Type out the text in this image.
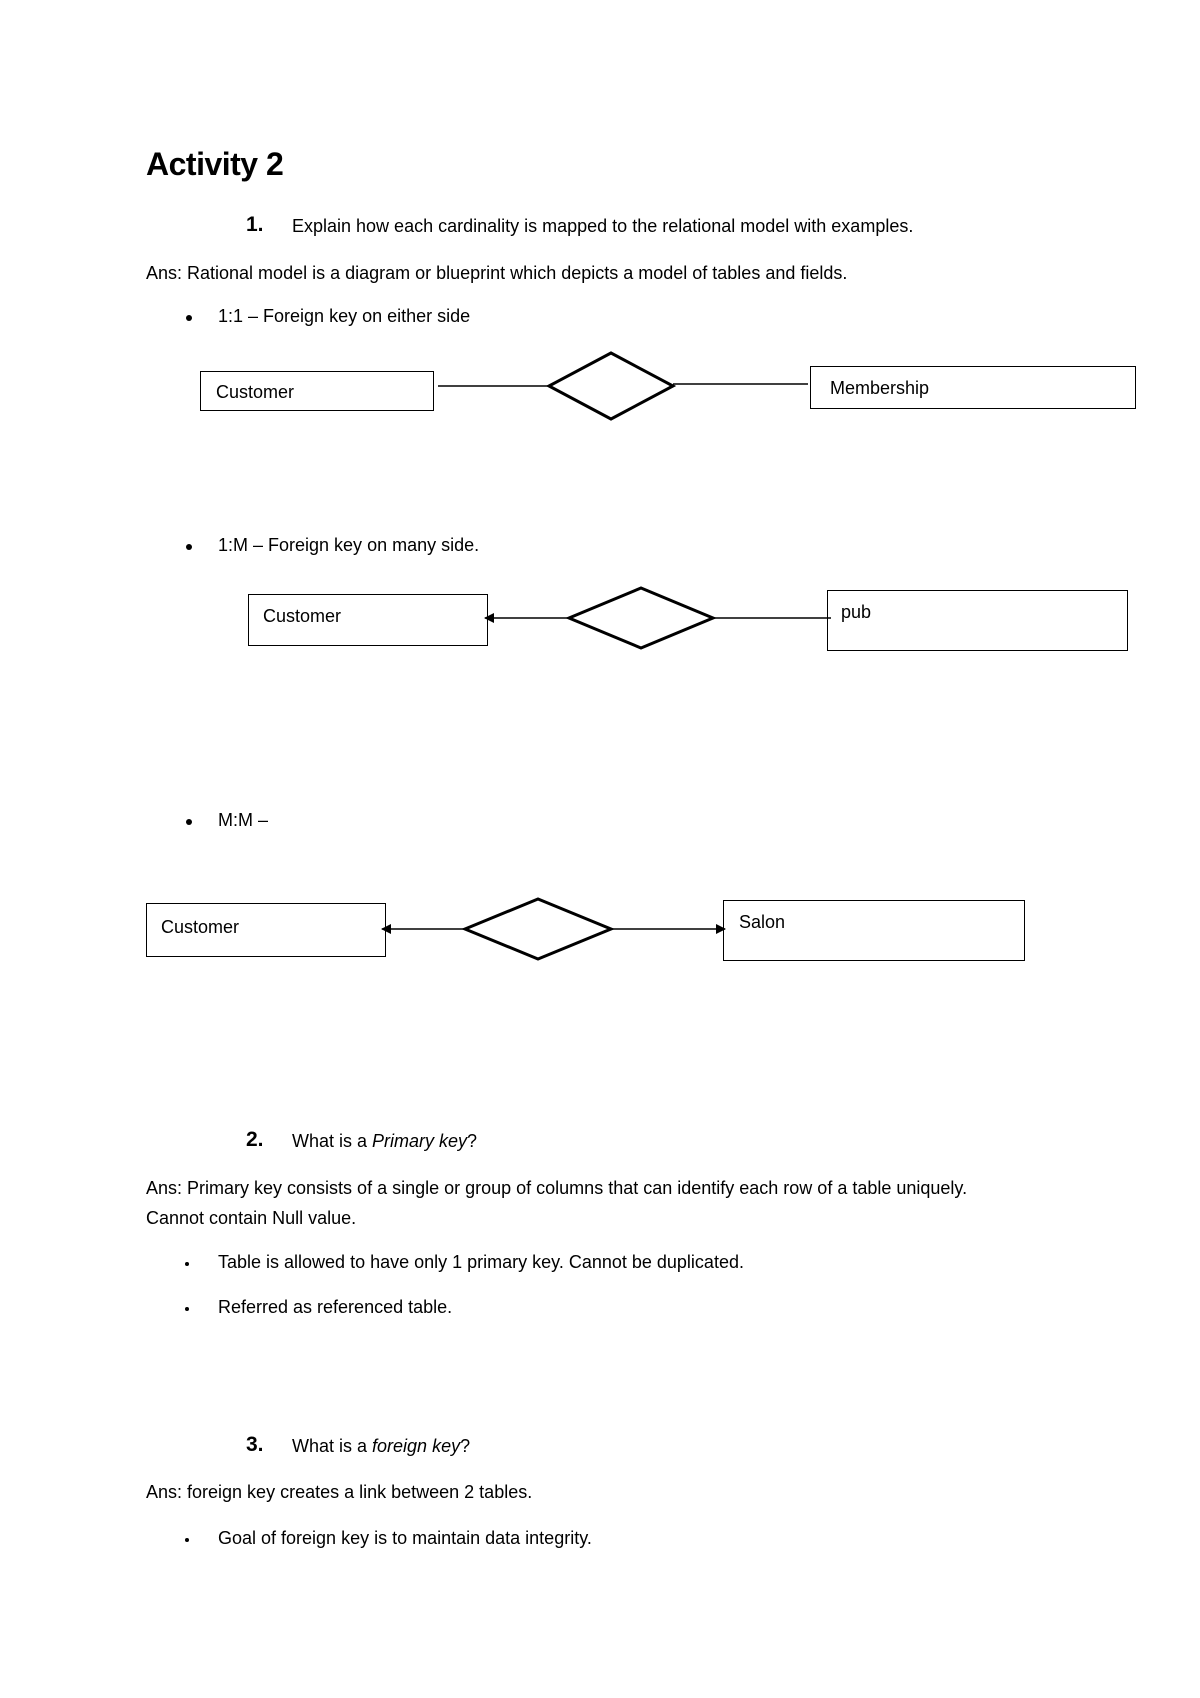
Activity 2
1. Explain how each cardinality is mapped to the relational model with examples.
Ans: Rational model is a diagram or blueprint which depicts a model of tables and fields.
1:1 – Foreign key on either side
1:M – Foreign key on many side.
M:M –
Customer	Membership
Customer	pub
Customer	Salon
2. What is a Primary key?
Ans: Primary key consists of a single or group of columns that can identify each row of a table uniquely. Cannot contain Null value.
Table is allowed to have only 1 primary key. Cannot be duplicated.
Referred as referenced table.
3. What is a foreign key?
Ans: foreign key creates a link between 2 tables.
Goal of foreign key is to maintain data integrity.
